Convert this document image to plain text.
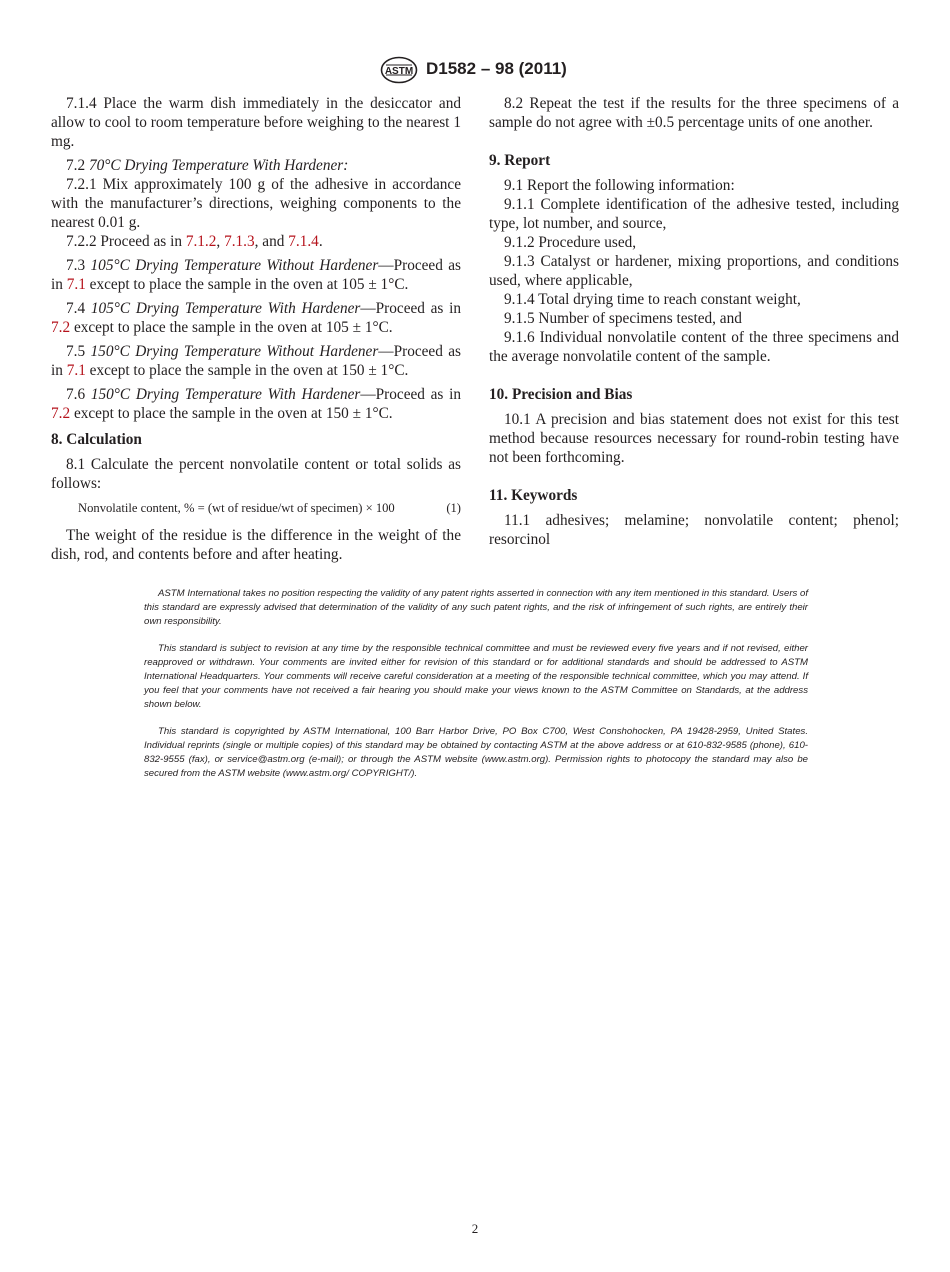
ASTM D1582 – 98 (2011)

7.1.4 Place the warm dish immediately in the desiccator and allow to cool to room temperature before weighing to the nearest 1 mg.

7.2 70°C Drying Temperature With Hardener:

7.2.1 Mix approximately 100 g of the adhesive in accordance with the manufacturer’s directions, weighing components to the nearest 0.01 g.

7.2.2 Proceed as in 7.1.2, 7.1.3, and 7.1.4.

7.3 105°C Drying Temperature Without Hardener—Proceed as in 7.1 except to place the sample in the oven at 105 ± 1°C.

7.4 105°C Drying Temperature With Hardener—Proceed as in 7.2 except to place the sample in the oven at 105 ± 1°C.

7.5 150°C Drying Temperature Without Hardener—Proceed as in 7.1 except to place the sample in the oven at 150 ± 1°C.

7.6 150°C Drying Temperature With Hardener—Proceed as in 7.2 except to place the sample in the oven at 150 ± 1°C.

8. Calculation

8.1 Calculate the percent nonvolatile content or total solids as follows:

Nonvolatile content, % = (wt of residue/wt of specimen) × 100	(1)

The weight of the residue is the difference in the weight of the dish, rod, and contents before and after heating.

8.2 Repeat the test if the results for the three specimens of a sample do not agree with ±0.5 percentage units of one another.

9. Report

9.1 Report the following information:

9.1.1 Complete identification of the adhesive tested, including type, lot number, and source,

9.1.2 Procedure used,

9.1.3 Catalyst or hardener, mixing proportions, and conditions used, where applicable,

9.1.4 Total drying time to reach constant weight,

9.1.5 Number of specimens tested, and

9.1.6 Individual nonvolatile content of the three specimens and the average nonvolatile content of the sample.

10. Precision and Bias

10.1 A precision and bias statement does not exist for this test method because resources necessary for round-robin testing have not been forthcoming.

11. Keywords

11.1 adhesives; melamine; nonvolatile content; phenol; resorcinol

ASTM International takes no position respecting the validity of any patent rights asserted in connection with any item mentioned in this standard. Users of this standard are expressly advised that determination of the validity of any such patent rights, and the risk of infringement of such rights, are entirely their own responsibility.

This standard is subject to revision at any time by the responsible technical committee and must be reviewed every five years and if not revised, either reapproved or withdrawn. Your comments are invited either for revision of this standard or for additional standards and should be addressed to ASTM International Headquarters. Your comments will receive careful consideration at a meeting of the responsible technical committee, which you may attend. If you feel that your comments have not received a fair hearing you should make your views known to the ASTM Committee on Standards, at the address shown below.

This standard is copyrighted by ASTM International, 100 Barr Harbor Drive, PO Box C700, West Conshohocken, PA 19428-2959, United States. Individual reprints (single or multiple copies) of this standard may be obtained by contacting ASTM at the above address or at 610-832-9585 (phone), 610-832-9555 (fax), or service@astm.org (e-mail); or through the ASTM website (www.astm.org). Permission rights to photocopy the standard may also be secured from the ASTM website (www.astm.org/ COPYRIGHT/).

2
